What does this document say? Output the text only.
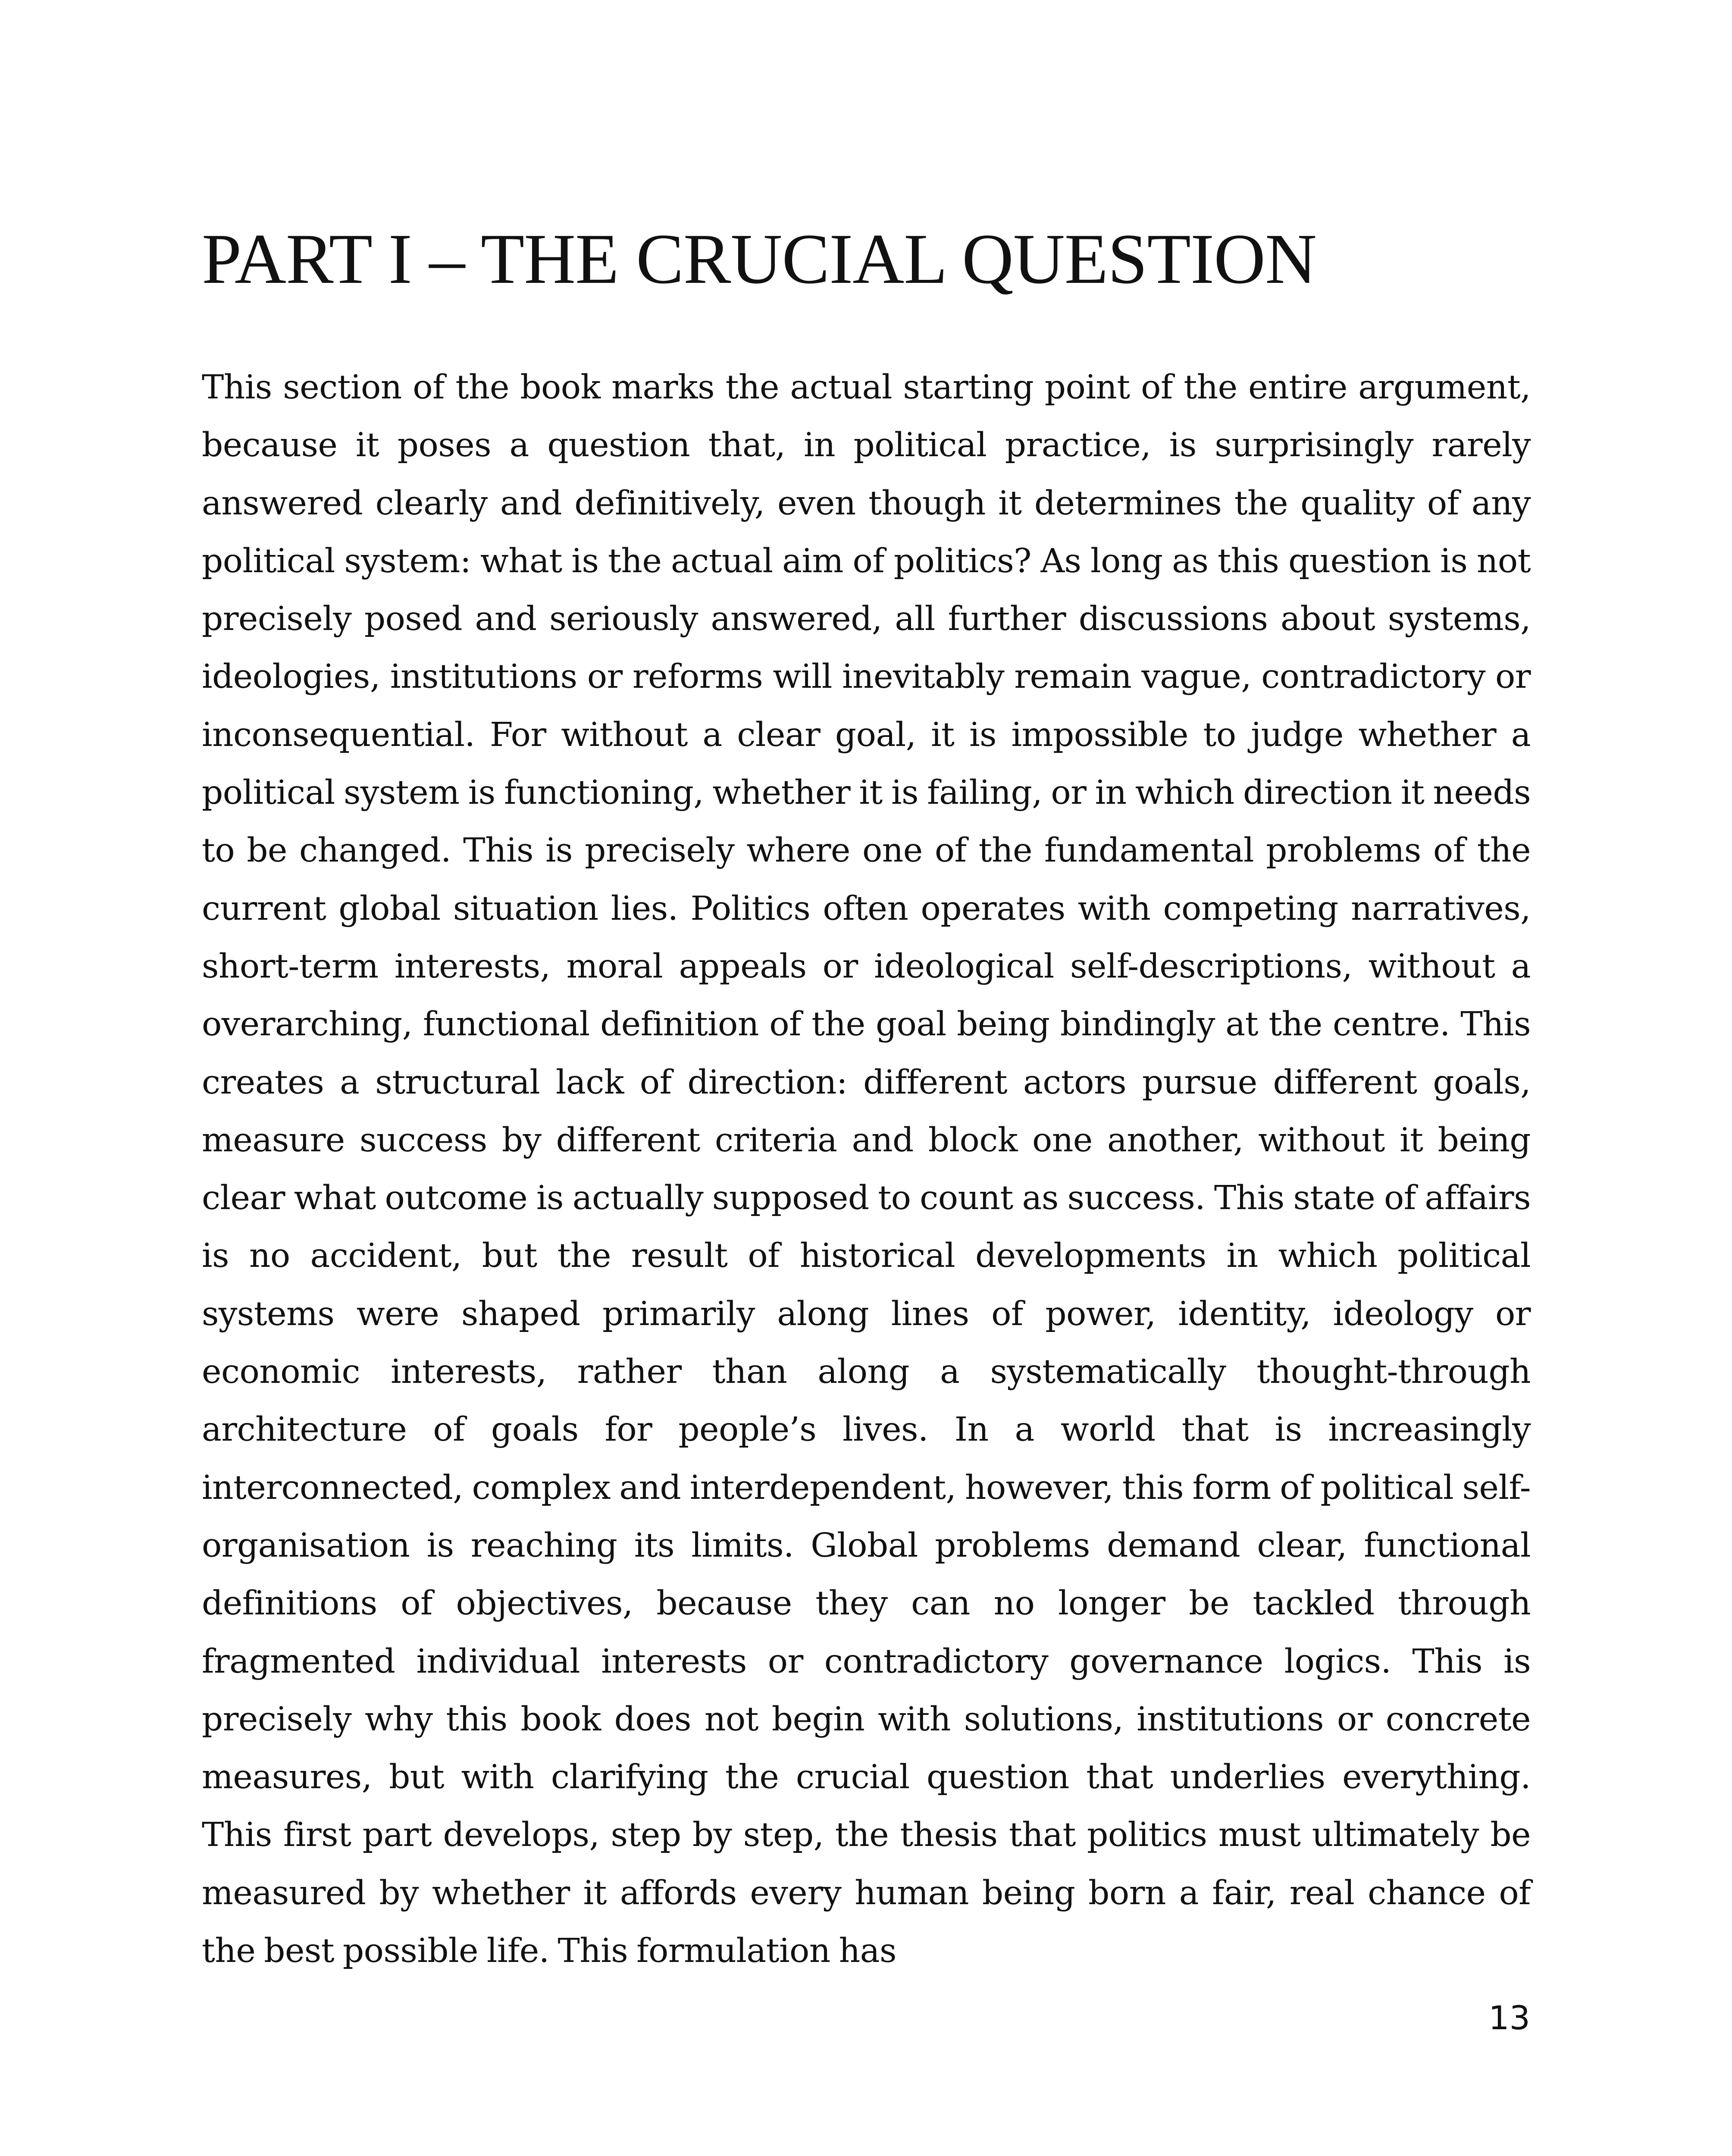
PART I – THE CRUCIAL QUESTION

This section of the book marks the actual starting point of the entire argument, because it poses a question that, in political practice, is surprisingly rarely answered clearly and definitively, even though it determines the quality of any political system: what is the actual aim of politics? As long as this question is not precisely posed and seriously answered, all further discussions about systems, ideologies, institutions or reforms will inevitably remain vague, contradictory or inconsequential. For without a clear goal, it is impossible to judge whether a political system is functioning, whether it is failing, or in which direction it needs to be changed. This is precisely where one of the fundamental problems of the current global situation lies. Politics often operates with competing narratives, short-term interests, moral appeals or ideological self-descriptions, without a overarching, functional definition of the goal being bindingly at the centre. This creates a structural lack of direction: different actors pursue different goals, measure success by different criteria and block one another, without it being clear what outcome is actually supposed to count as success. This state of affairs is no accident, but the result of historical developments in which political systems were shaped primarily along lines of power, identity, ideology or economic interests, rather than along a systematically thought-through architecture of goals for people’s lives. In a world that is increasingly interconnected, complex and interdependent, however, this form of political self-organisation is reaching its limits. Global problems demand clear, functional definitions of objectives, because they can no longer be tackled through fragmented individual interests or contradictory governance logics. This is precisely why this book does not begin with solutions, institutions or concrete measures, but with clarifying the crucial question that underlies everything. This first part develops, step by step, the thesis that politics must ultimately be measured by whether it affords every human being born a fair, real chance of the best possible life. This formulation has

13
